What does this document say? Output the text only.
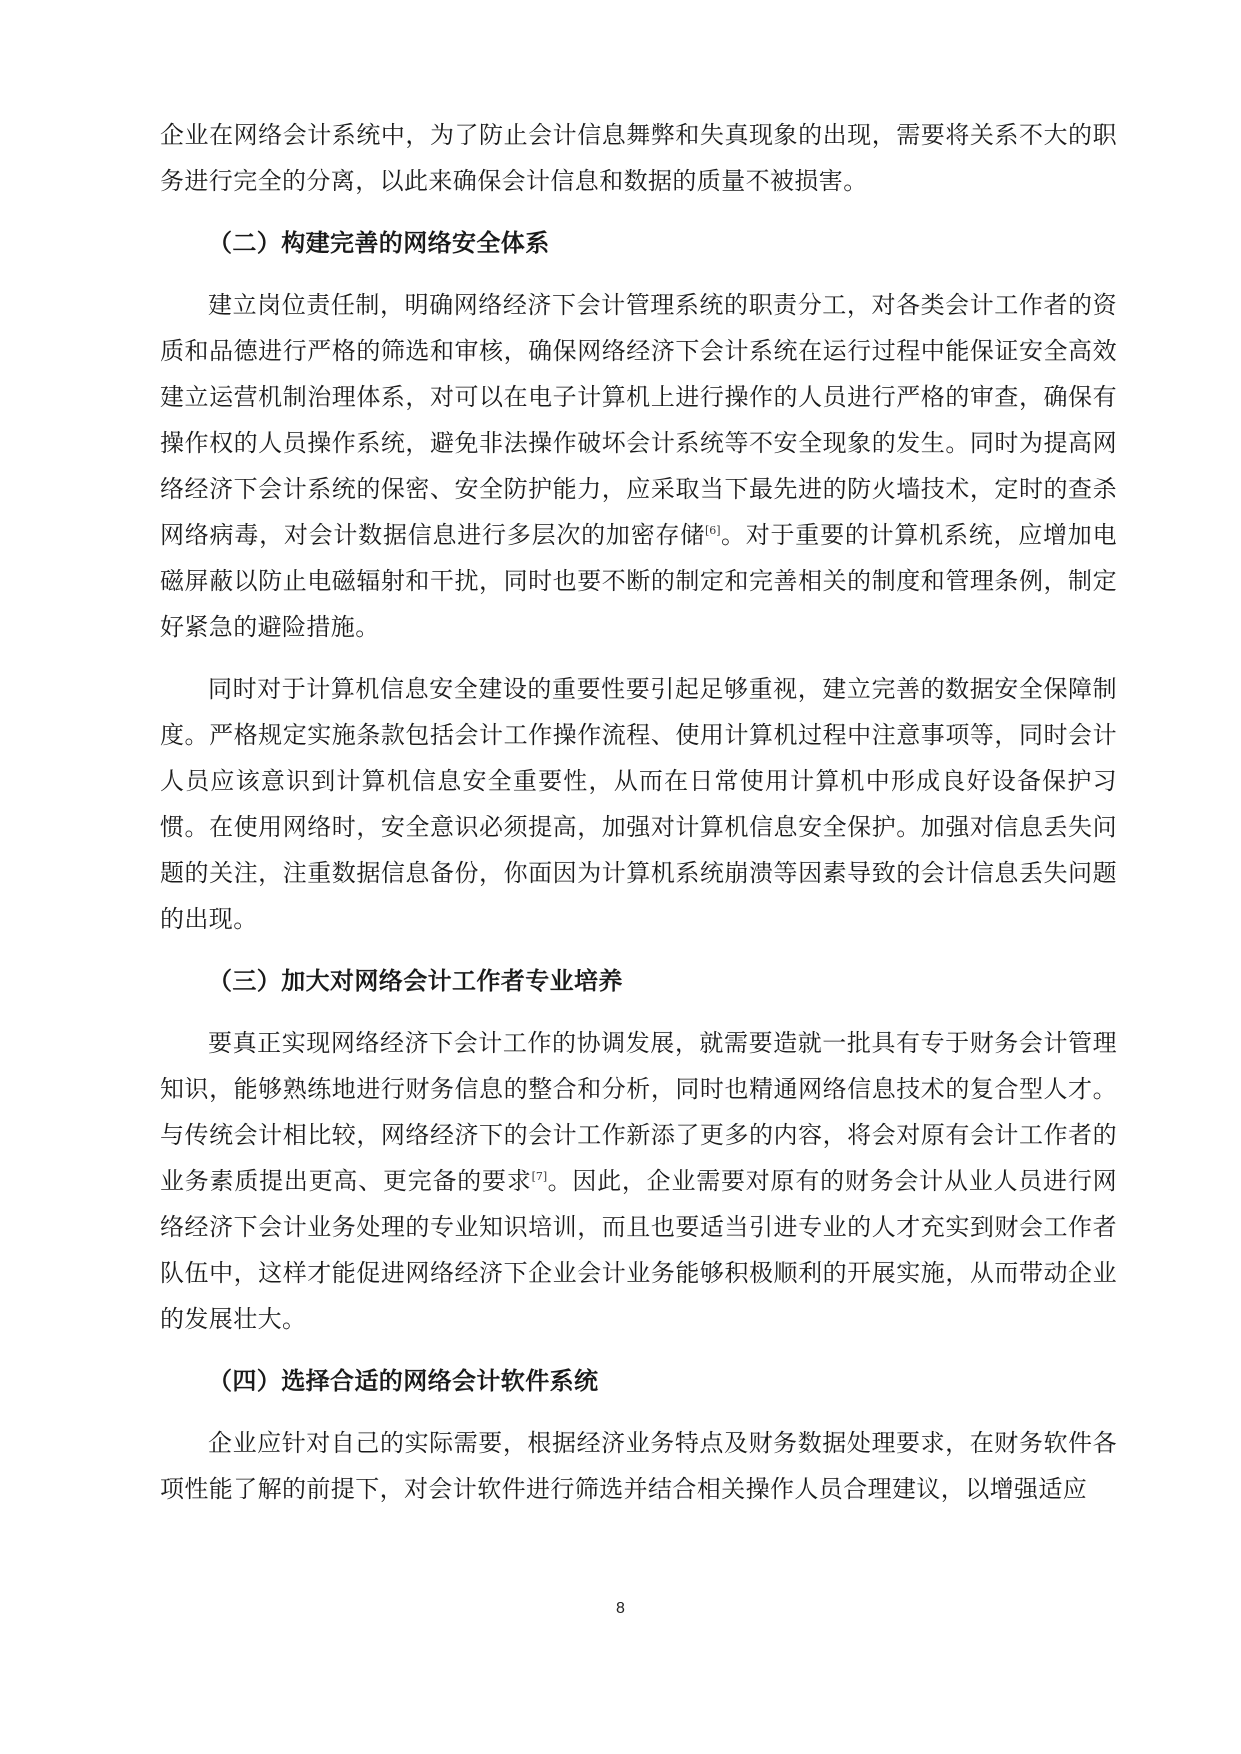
企业在网络会计系统中，为了防止会计信息舞弊和失真现象的出现，需要将关系不大的职务进行完全的分离，以此来确保会计信息和数据的质量不被损害。

（二）构建完善的网络安全体系

建立岗位责任制，明确网络经济下会计管理系统的职责分工，对各类会计工作者的资质和品德进行严格的筛选和审核，确保网络经济下会计系统在运行过程中能保证安全高效建立运营机制治理体系，对可以在电子计算机上进行操作的人员进行严格的审查，确保有操作权的人员操作系统，避免非法操作破坏会计系统等不安全现象的发生。同时为提高网络经济下会计系统的保密、安全防护能力，应采取当下最先进的防火墙技术，定时的查杀网络病毒，对会计数据信息进行多层次的加密存储[6]。对于重要的计算机系统，应增加电磁屏蔽以防止电磁辐射和干扰，同时也要不断的制定和完善相关的制度和管理条例，制定好紧急的避险措施。

同时对于计算机信息安全建设的重要性要引起足够重视，建立完善的数据安全保障制度。严格规定实施条款包括会计工作操作流程、使用计算机过程中注意事项等，同时会计人员应该意识到计算机信息安全重要性，从而在日常使用计算机中形成良好设备保护习惯。在使用网络时，安全意识必须提高，加强对计算机信息安全保护。加强对信息丢失问题的关注，注重数据信息备份，你面因为计算机系统崩溃等因素导致的会计信息丢失问题的出现。

（三）加大对网络会计工作者专业培养

要真正实现网络经济下会计工作的协调发展，就需要造就一批具有专于财务会计管理知识，能够熟练地进行财务信息的整合和分析，同时也精通网络信息技术的复合型人才。与传统会计相比较，网络经济下的会计工作新添了更多的内容，将会对原有会计工作者的业务素质提出更高、更完备的要求[7]。因此，企业需要对原有的财务会计从业人员进行网络经济下会计业务处理的专业知识培训，而且也要适当引进专业的人才充实到财会工作者队伍中，这样才能促进网络经济下企业会计业务能够积极顺利的开展实施，从而带动企业的发展壮大。

（四）选择合适的网络会计软件系统

企业应针对自己的实际需要，根据经济业务特点及财务数据处理要求，在财务软件各项性能了解的前提下，对会计软件进行筛选并结合相关操作人员合理建议，以增强适应

8
